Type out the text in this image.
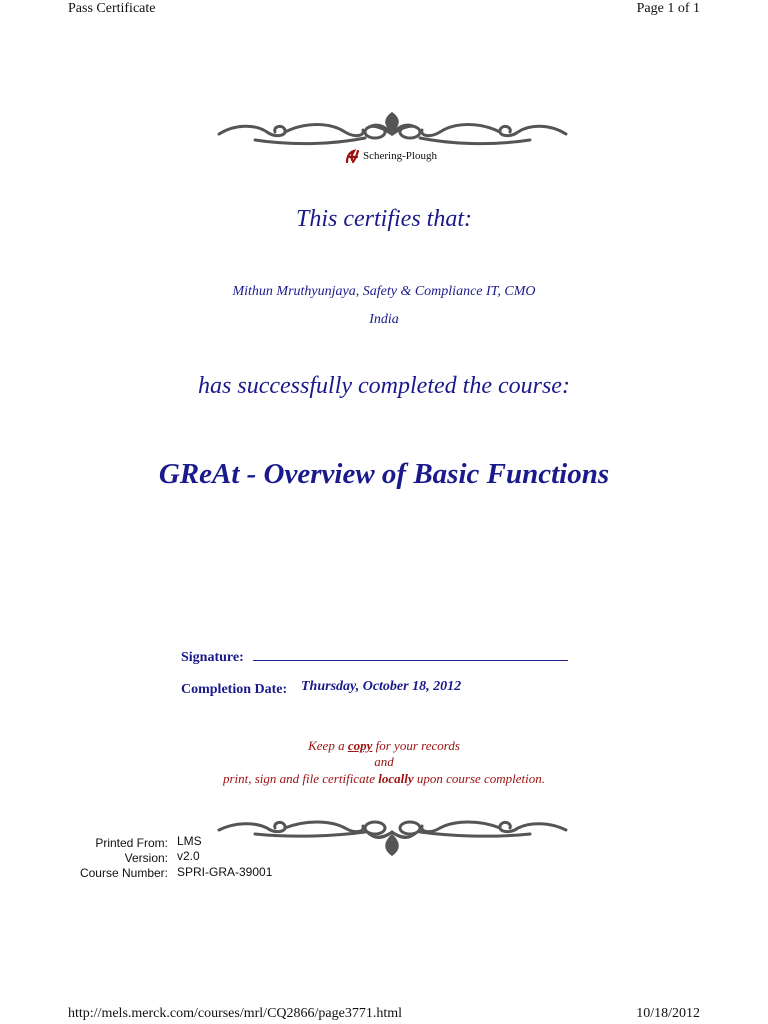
Pass Certificate	Page 1 of 1
Schering-Plough
This certifies that:
Mithun Mruthyunjaya, Safety & Compliance IT, CMO
India
has successfully completed the course:
GReAt - Overview of Basic Functions
Signature: _____________________________________________
Completion Date: Thursday, October 18, 2012
Keep a copy for your records
and
print, sign and file certificate locally upon course completion.
Printed From:
Version:
Course Number:
LMS
v2.0
SPRI-GRA-39001
http://mels.merck.com/courses/mrl/CQ2866/page3771.html	10/18/2012
